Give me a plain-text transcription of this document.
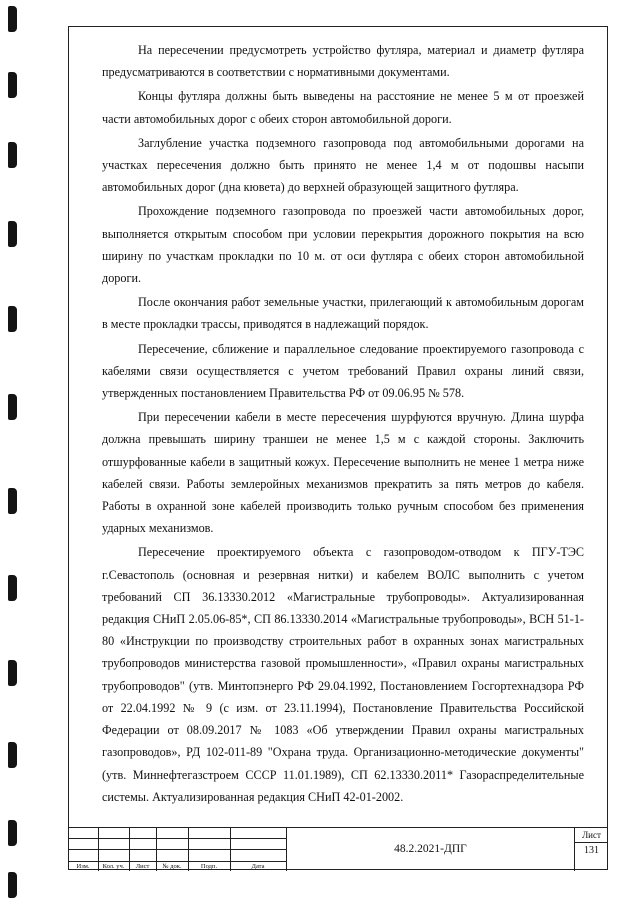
На пересечении предусмотреть устройство футляра, материал и диаметр футляра предусматриваются в соответствии с нормативными документами.

Концы футляра должны быть выведены на расстояние не менее 5 м от проезжей части автомобильных дорог с обеих сторон автомобильной дороги.

Заглубление участка подземного газопровода под автомобильными дорогами на участках пересечения должно быть принято не менее 1,4 м от подошвы насыпи автомобильных дорог (дна кювета) до верхней образующей защитного футляра.

Прохождение подземного газопровода по проезжей части автомобильных дорог, выполняется открытым способом при условии перекрытия дорожного покрытия на всю ширину по участкам прокладки по 10 м. от оси футляра с обеих сторон автомобильной дороги.

После окончания работ земельные участки, прилегающий к автомобильным дорогам в месте прокладки трассы, приводятся в надлежащий порядок.

Пересечение, сближение и параллельное следование проектируемого газопровода с кабелями связи осуществляется с учетом требований Правил охраны линий связи, утвержденных постановлением Правительства РФ от 09.06.95 № 578.

При пересечении кабели в месте пересечения шурфуются вручную. Длина шурфа должна превышать ширину траншеи не менее 1,5 м с каждой стороны. Заключить отшурфованные кабели в защитный кожух. Пересечение выполнить не менее 1 метра ниже кабелей связи. Работы землеройных механизмов прекратить за пять метров до кабеля. Работы в охранной зоне кабелей производить только ручным способом без применения ударных механизмов.

Пересечение проектируемого объекта с газопроводом-отводом к ПГУ-ТЭС г.Севастополь (основная и резервная нитки) и кабелем ВОЛС выполнить с учетом требований СП 36.13330.2012 «Магистральные трубопроводы». Актуализированная редакция СНиП 2.05.06-85*, СП 86.13330.2014 «Магистральные трубопроводы», ВСН 51-1-80 «Инструкции по производству строительных работ в охранных зонах магистральных трубопроводов министерства газовой промышленности», «Правил охраны магистральных трубопроводов" (утв. Минтопэнерго РФ 29.04.1992, Постановлением Госгортехнадзора РФ от 22.04.1992 № 9 (с изм. от 23.11.1994), Постановление Правительства Российской Федерации от 08.09.2017 № 1083 «Об утверждении Правил охраны магистральных газопроводов», РД 102-011-89 "Охрана труда. Организационно-методические документы" (утв. Миннефтегазстроем СССР 11.01.1989), СП 62.13330.2011* Газораспределительные системы. Актуализированная редакция СНиП 42-01-2002.

Изм.	Кол. уч.	Лист	№ док.	Подп.	Дата
48.2.2021-ДПГ
Лист
131
